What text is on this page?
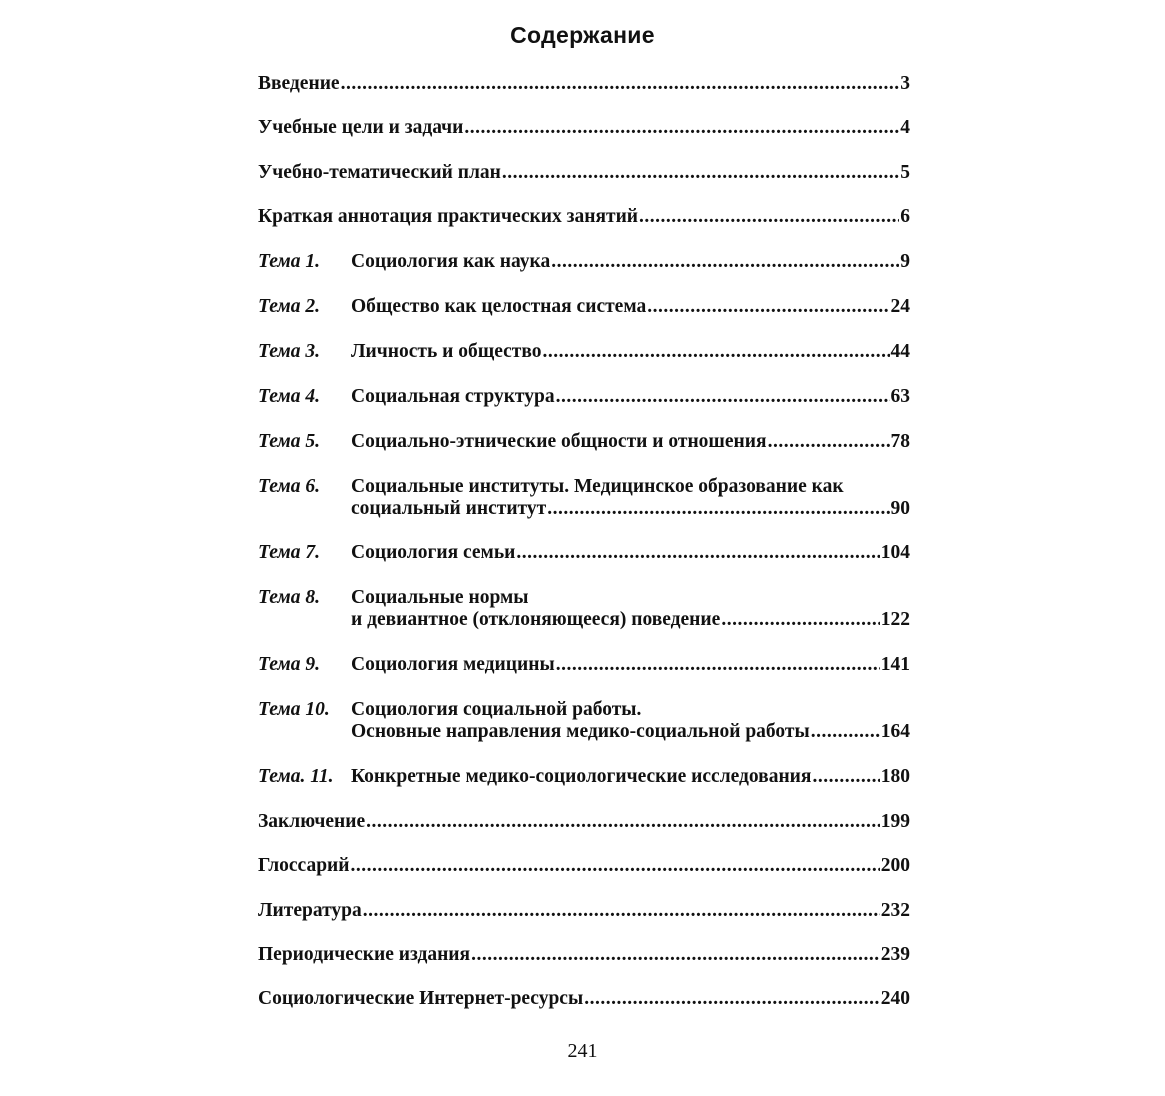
Содержание
Введение .....	3
Учебные цели и задачи .....	4
Учебно-тематический план .....	5
Краткая аннотация практических занятий .....	6
Тема 1.	Социология как наука .....	9
Тема 2.	Общество как целостная система .....	24
Тема 3.	Личность и общество .....	44
Тема 4.	Социальная структура .....	63
Тема 5.	Социально-этнические общности и отношения .....	78
Тема 6.	Социальные институты. Медицинское образование как
социальный институт .....	90
Тема 7.	Социология семьи .....	104
Тема 8.	Социальные нормы
и девиантное (отклоняющееся) поведение .....	122
Тема 9.	Социология медицины .....	141
Тема 10.	Социология социальной работы.
Основные направления медико-социальной работы .....	164
Тема. 11. Конкретные медико-социологические исследования .....	180
Заключение .....	199
Глоссарий .....	200
Литература .....	232
Периодические издания .....	239
Социологические Интернет-ресурсы .....	240
241
